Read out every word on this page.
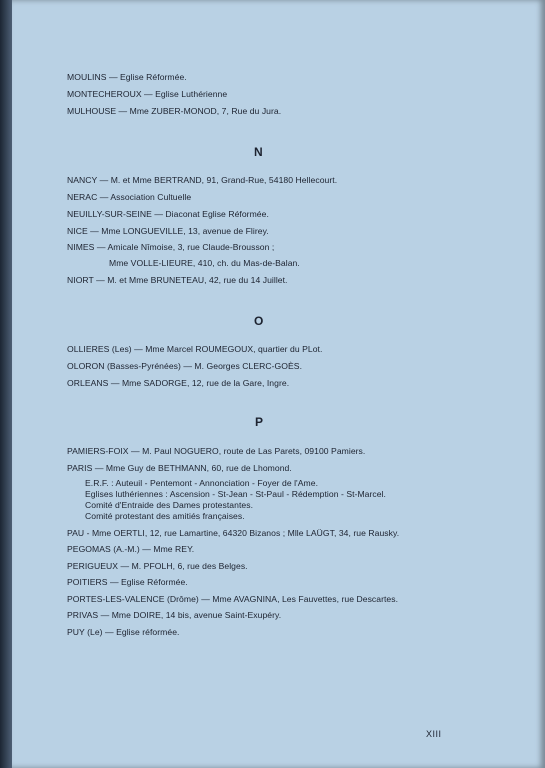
MOULINS — Eglise Réformée.
MONTECHEROUX — Eglise Luthérienne
MULHOUSE — Mme ZUBER-MONOD, 7, Rue du Jura.
N
NANCY — M. et Mme BERTRAND, 91, Grand-Rue, 54180 Hellecourt.
NERAC — Association Cultuelle
NEUILLY-SUR-SEINE — Diaconat Eglise Réformée.
NICE — Mme LONGUEVILLE, 13, avenue de Flirey.
NIMES — Amicale Nîmoise, 3, rue Claude-Brousson ;
Mme VOLLE-LIEURE, 410, ch. du Mas-de-Balan.
NIORT — M. et Mme BRUNETEAU, 42, rue du 14 Juillet.
O
OLLIERES (Les) — Mme Marcel ROUMEGOUX, quartier du PLot.
OLORON (Basses-Pyrénées) — M. Georges CLERC-GOÈS.
ORLEANS — Mme SADORGE, 12, rue de la Gare, Ingre.
P
PAMIERS-FOIX — M. Paul NOGUERO, route de Las Parets, 09100 Pamiers.
PARIS — Mme Guy de BETHMANN, 60, rue de Lhomond.
E.R.F. : Auteuil - Pentemont - Annonciation - Foyer de l'Ame.
Eglises luthériennes : Ascension - St-Jean - St-Paul - Rédemption - St-Marcel.
Comité d'Entraide des Dames protestantes.
Comité protestant des amitiés françaises.
PAU - Mme OERTLI, 12, rue Lamartine, 64320 Bizanos ; Mlle LAÜGT, 34, rue Rausky.
PEGOMAS (A.-M.) — Mme REY.
PERIGUEUX — M. PFOLH, 6, rue des Belges.
POITIERS — Eglise Réformée.
PORTES-LES-VALENCE (Drôme) — Mme AVAGNINA, Les Fauvettes, rue Descartes.
PRIVAS — Mme DOIRE, 14 bis, avenue Saint-Exupéry.
PUY (Le) — Eglise réformée.
XIII
